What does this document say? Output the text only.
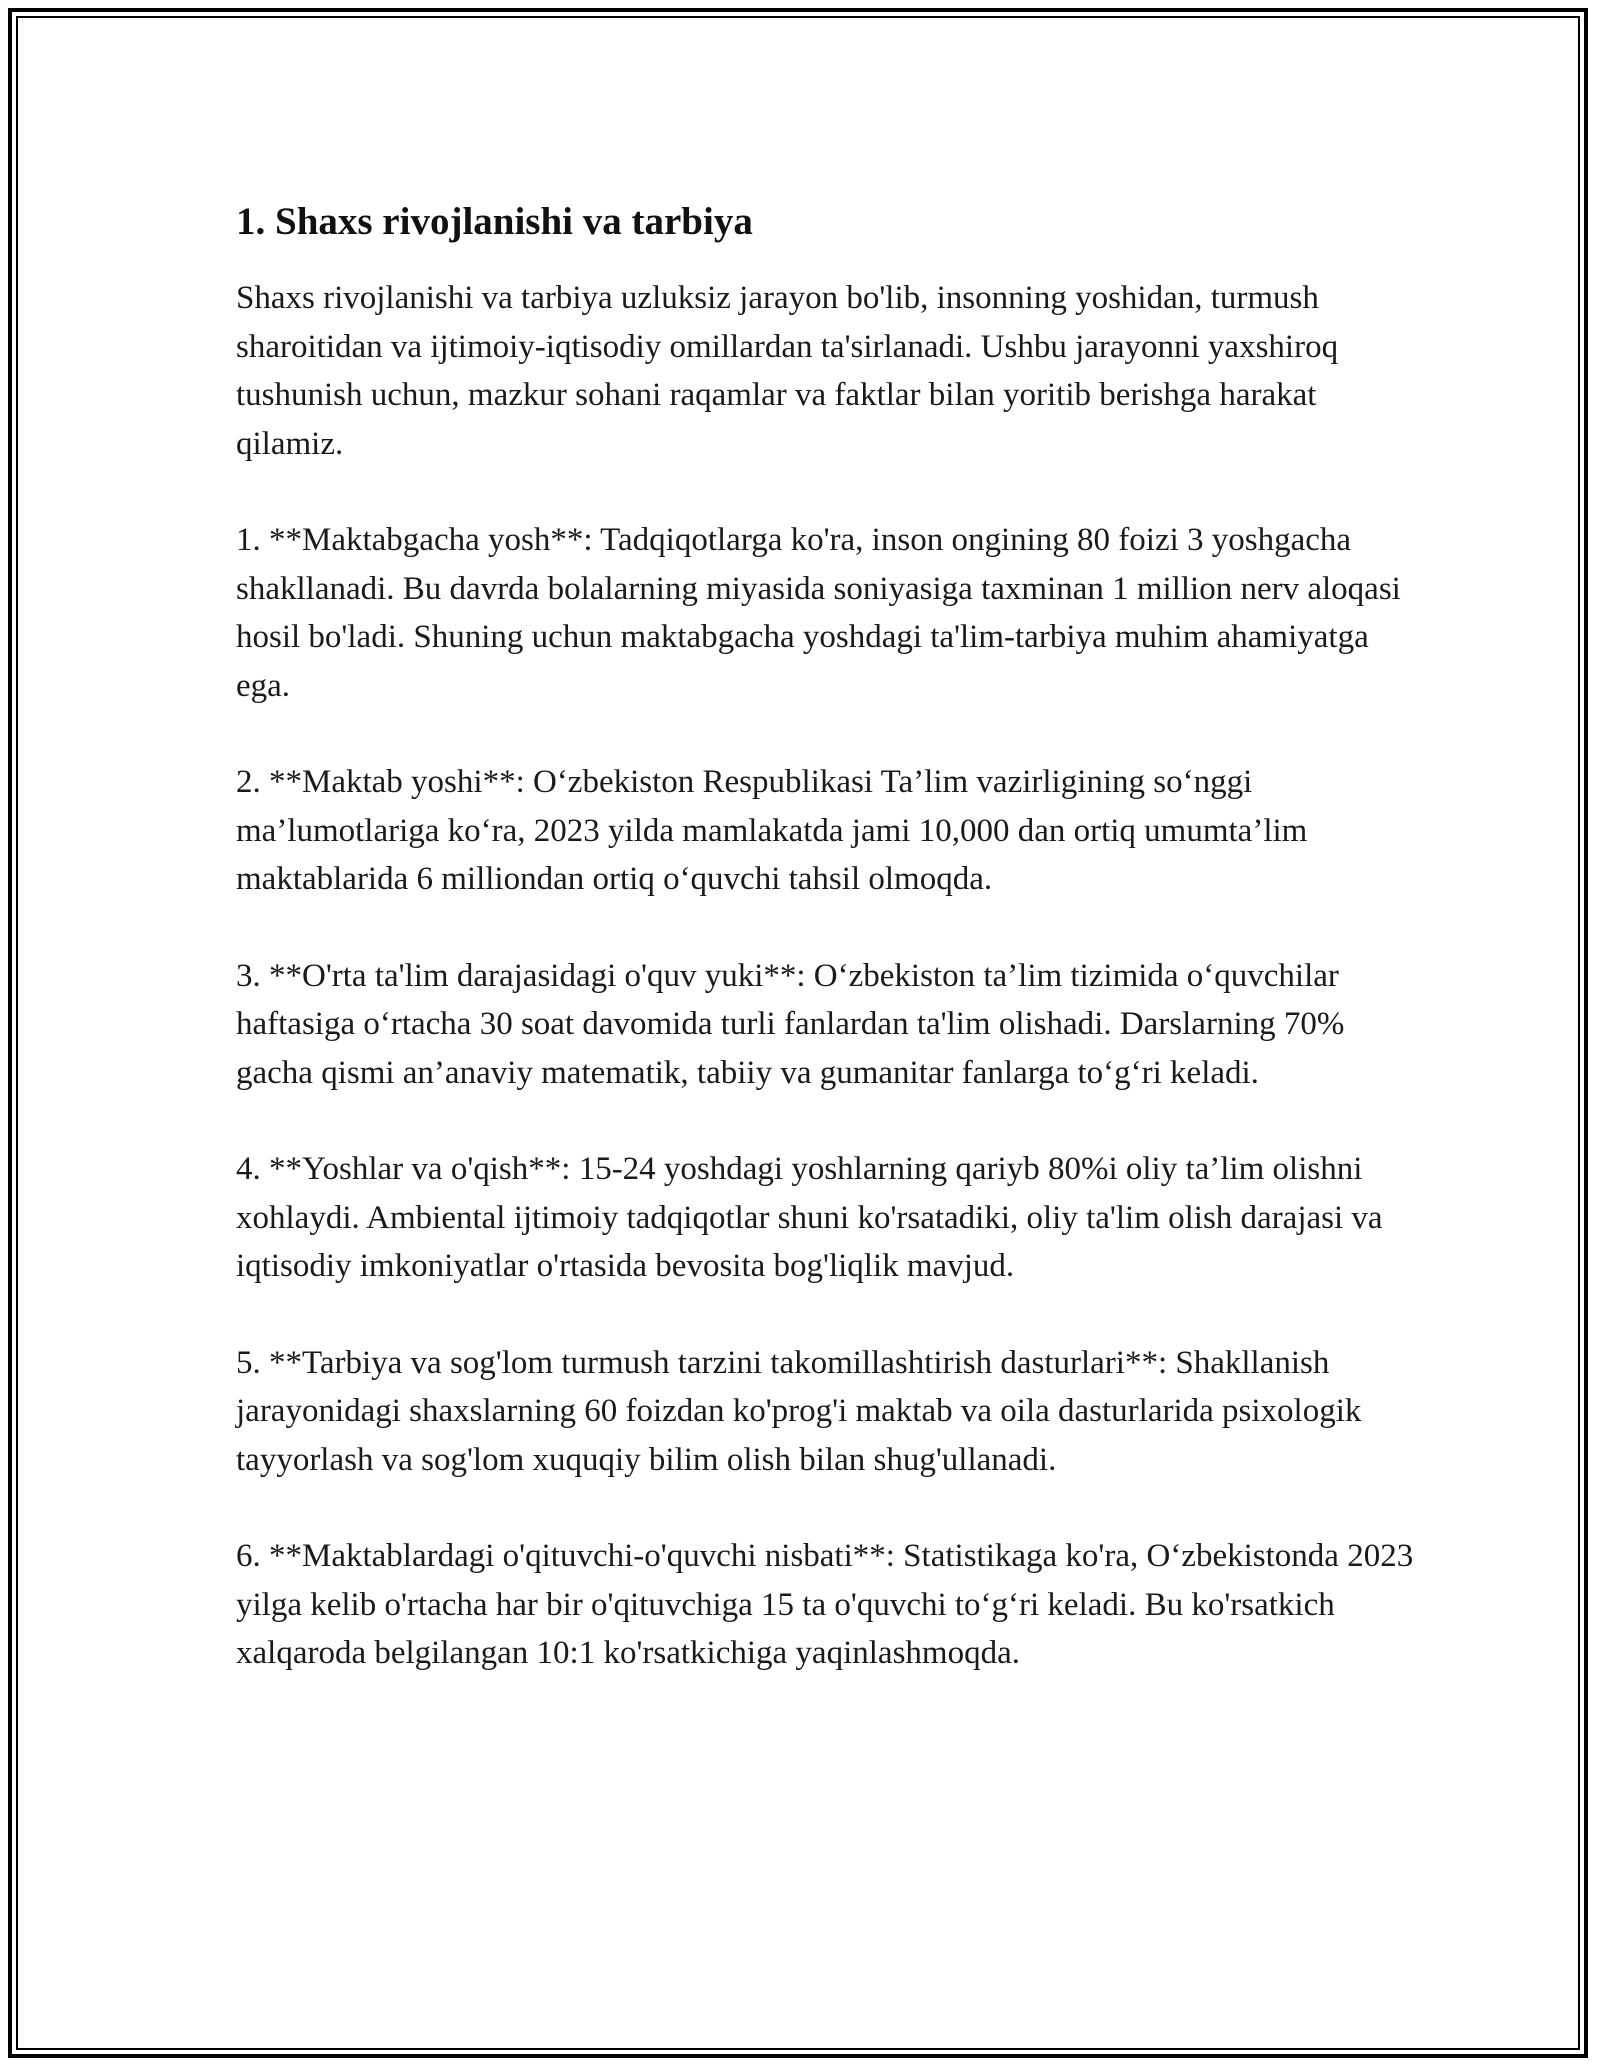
1. Shaxs rivojlanishi va tarbiya

Shaxs rivojlanishi va tarbiya uzluksiz jarayon bo'lib, insonning yoshidan, turmush sharoitidan va ijtimoiy-iqtisodiy omillardan ta'sirlanadi. Ushbu jarayonni yaxshiroq tushunish uchun, mazkur sohani raqamlar va faktlar bilan yoritib berishga harakat qilamiz.

1. **Maktabgacha yosh**: Tadqiqotlarga ko'ra, inson ongining 80 foizi 3 yoshgacha shakllanadi. Bu davrda bolalarning miyasida soniyasiga taxminan 1 million nerv aloqasi hosil bo'ladi. Shuning uchun maktabgacha yoshdagi ta'lim-tarbiya muhim ahamiyatga ega.

2. **Maktab yoshi**: O‘zbekiston Respublikasi Ta’lim vazirligining so‘nggi ma’lumotlariga ko‘ra, 2023 yilda mamlakatda jami 10,000 dan ortiq umumta’lim maktablarida 6 milliondan ortiq o‘quvchi tahsil olmoqda.

3. **O'rta ta'lim darajasidagi o'quv yuki**: O‘zbekiston ta’lim tizimida o‘quvchilar haftasiga o‘rtacha 30 soat davomida turli fanlardan ta'lim olishadi. Darslarning 70% gacha qismi an’anaviy matematik, tabiiy va gumanitar fanlarga to‘g‘ri keladi.

4. **Yoshlar va o'qish**: 15-24 yoshdagi yoshlarning qariyb 80%i oliy ta’lim olishni xohlaydi. Ambiental ijtimoiy tadqiqotlar shuni ko'rsatadiki, oliy ta'lim olish darajasi va iqtisodiy imkoniyatlar o'rtasida bevosita bog'liqlik mavjud.

5. **Tarbiya va sog'lom turmush tarzini takomillashtirish dasturlari**: Shakllanish jarayonidagi shaxslarning 60 foizdan ko'prog'i maktab va oila dasturlarida psixologik tayyorlash va sog'lom xuquqiy bilim olish bilan shug'ullanadi.

6. **Maktablardagi o'qituvchi-o'quvchi nisbati**: Statistikaga ko'ra, O‘zbekistonda 2023 yilga kelib o'rtacha har bir o'qituvchiga 15 ta o'quvchi to‘g‘ri keladi. Bu ko'rsatkich xalqaroda belgilangan 10:1 ko'rsatkichiga yaqinlashmoqda.
